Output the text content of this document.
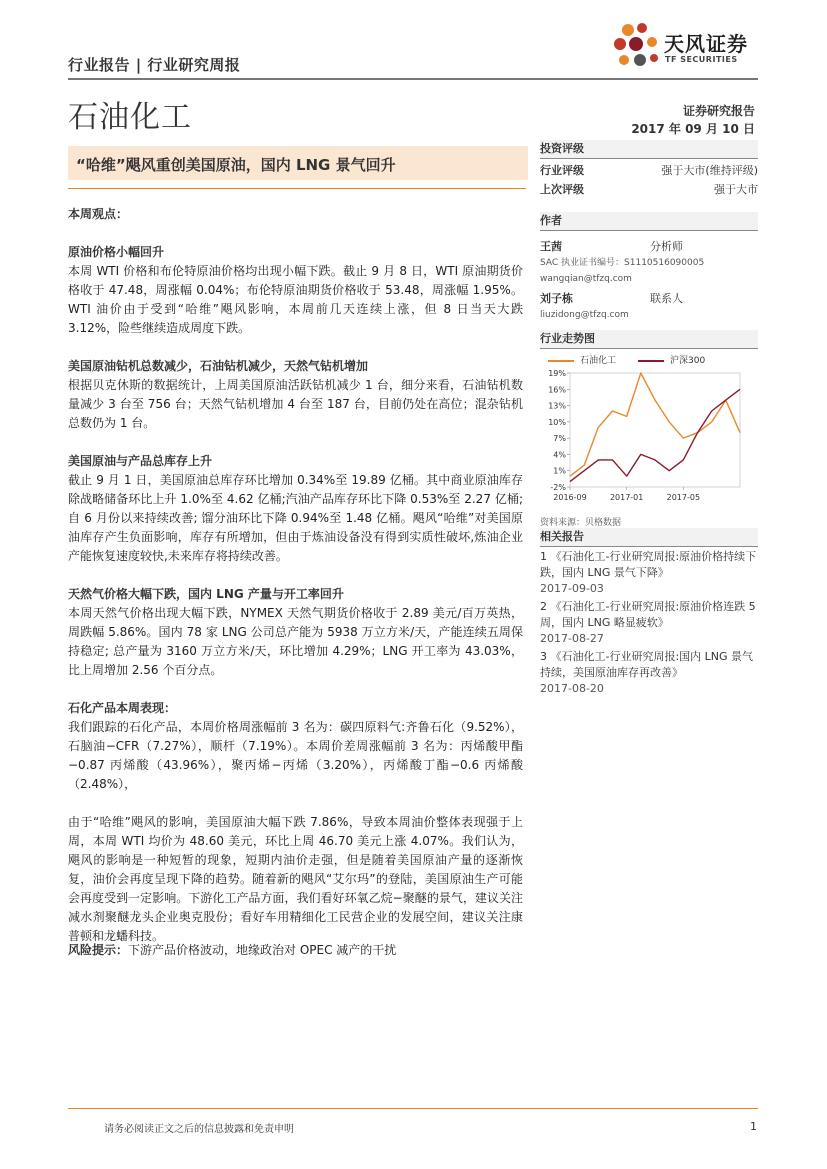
行业报告 | 行业研究周报
天风证券
TF SECURITIES
石油化工	证券研究报告
2017 年 09 月 10 日
“哈维”飓风重创美国原油，国内 LNG 景气回升
本周观点：
原油价格小幅回升

本周 WTI 价格和布伦特原油价格均出现小幅下跌。截止 9 月 8 日，WTI 原油期货价格收于 47.48，周涨幅 0.04%；布伦特原油期货价格收于 53.48，周涨幅 1.95%。WTI 油价由于受到“哈维”飓风影响，本周前几天连续上涨，但 8 日当天大跌 3.12%，险些继续造成周度下跌。

美国原油钻机总数减少，石油钻机减少，天然气钻机增加

根据贝克休斯的数据统计，上周美国原油活跃钻机减少 1 台，细分来看，石油钻机数量减少 3 台至 756 台；天然气钻机增加 4 台至 187 台，目前仍处在高位；混杂钻机总数仍为 1 台。

美国原油与产品总库存上升

截止 9 月 1 日，美国原油总库存环比增加 0.34%至 19.89 亿桶。其中商业原油库存除战略储备环比上升 1.0%至 4.62 亿桶;汽油产品库存环比下降 0.53%至 2.27 亿桶; 自 6 月份以来持续改善; 馏分油环比下降 0.94%至 1.48 亿桶。飓风“哈维”对美国原油库存产生负面影响，库存有所增加，但由于炼油设备没有得到实质性破坏,炼油企业产能恢复速度较快,未来库存将持续改善。

天然气价格大幅下跌，国内 LNG 产量与开工率回升

本周天然气价格出现大幅下跌，NYMEX 天然气期货价格收于 2.89 美元/百万英热，周跌幅 5.86%。国内 78 家 LNG 公司总产能为 5938 万立方米/天，产能连续五周保持稳定; 总产量为 3160 万立方米/天，环比增加 4.29%；LNG 开工率为 43.03%，比上周增加 2.56 个百分点。

石化产品本周表现：

我们跟踪的石化产品，本周价格周涨幅前 3 名为：碳四原料气:齐鲁石化（9.52%），石脑油−CFR（7.27%），顺杆（7.19%）。本周价差周涨幅前 3 名为：丙烯酸甲酯−0.87 丙烯酸（43.96%），聚丙烯−丙烯（3.20%），丙烯酸丁酯−0.6 丙烯酸（2.48%），

由于“哈维”飓风的影响，美国原油大幅下跌 7.86%，导致本周油价整体表现强于上周，本周 WTI 均价为 48.60 美元，环比上周 46.70 美元上涨 4.07%。我们认为，飓风的影响是一种短暂的现象，短期内油价走强，但是随着美国原油产量的逐渐恢复，油价会再度呈现下降的趋势。随着新的飓风“艾尔玛”的登陆，美国原油生产可能会再度受到一定影响。下游化工产品方面，我们看好环氧乙烷−聚醚的景气，建议关注减水剂聚醚龙头企业奥克股份；看好车用精细化工民营企业的发展空间，建议关注康普顿和龙蟠科技。

风险提示：下游产品价格波动，地缘政治对 OPEC 减产的干扰
投资评级
行业评级	强于大市(维持评级)
上次评级	强于大市
作者
王茜	分析师
SAC 执业证书编号：S1110516090005
wangqian@tfzq.com
刘子栋	联系人
liuzidong@tfzq.com
行业走势图
石油化工	沪深300
19%
16%
13%
10%
7%
4%
1%
-2%
2016-09	2017-01	2017-05
资料来源：贝格数据
相关报告
1 《石油化工-行业研究周报:原油价格持续下跌，国内 LNG 景气下降》
2017-09-03
2 《石油化工-行业研究周报:原油价格连跌 5 周，国内 LNG 略显疲软》
2017-08-27
3 《石油化工-行业研究周报:国内 LNG 景气持续，美国原油库存再改善》
2017-08-20
请务必阅读正文之后的信息披露和免责申明	1
